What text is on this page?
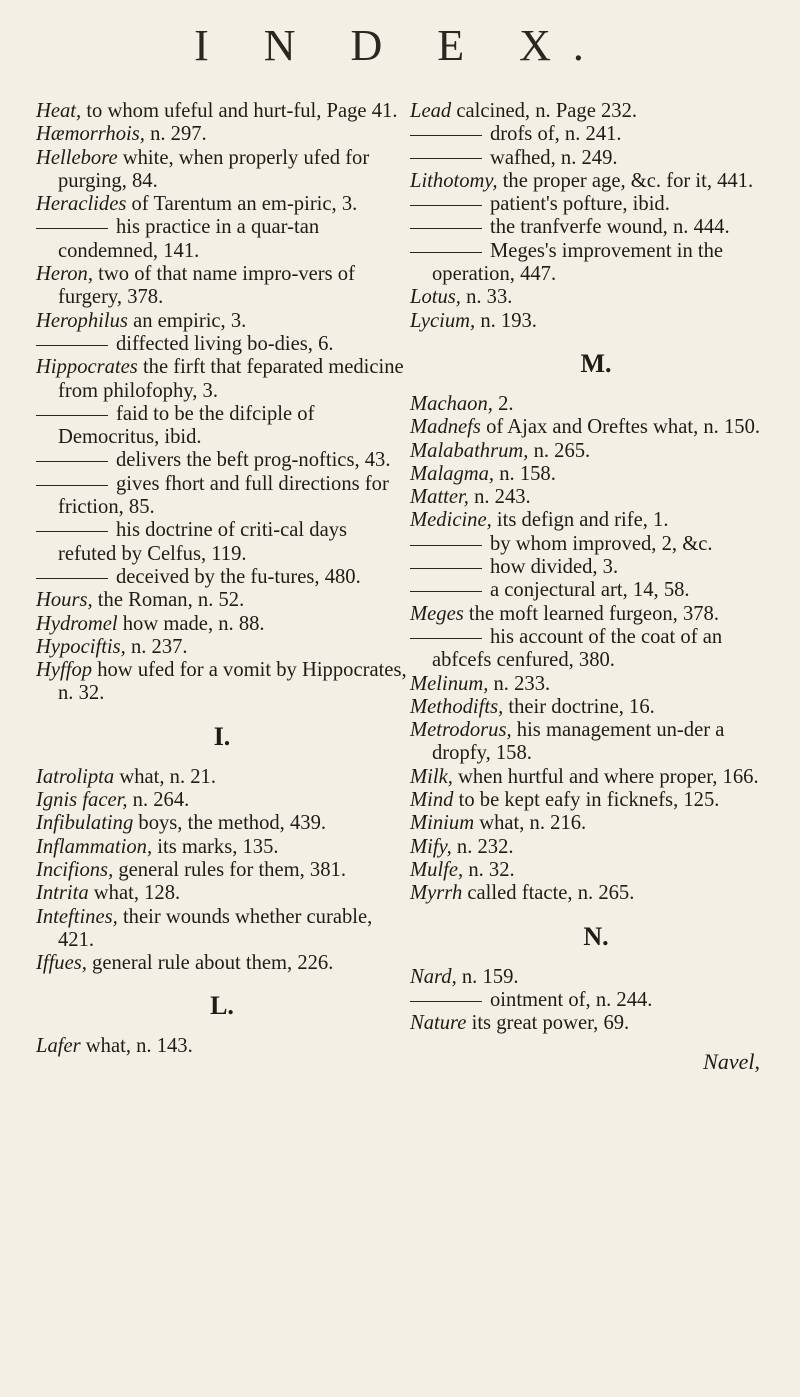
I N D E X.

Heat, to whom ufeful and hurt-ful, Page 41.

Hæmorrhois, n. 297.

Hellebore white, when properly ufed for purging, 84.

Heraclides of Tarentum an em-piric, 3.

his practice in a quar-tan condemned, 141.

Heron, two of that name impro-vers of furgery, 378.

Herophilus an empiric, 3.

diffected living bo-dies, 6.

Hippocrates the firft that feparated medicine from philofophy, 3.

faid to be the difciple of Democritus, ibid.

delivers the beft prog-noftics, 43.

gives fhort and full directions for friction, 85.

his doctrine of criti-cal days refuted by Celfus, 119.

deceived by the fu-tures, 480.

Hours, the Roman, n. 52.

Hydromel how made, n. 88.

Hypociftis, n. 237.

Hyffop how ufed for a vomit by Hippocrates, n. 32.

I.

Iatrolipta what, n. 21.

Ignis facer, n. 264.

Infibulating boys, the method, 439.

Inflammation, its marks, 135.

Incifions, general rules for them, 381.

Intrita what, 128.

Inteftines, their wounds whether curable, 421.

Iffues, general rule about them, 226.

L.

Lafer what, n. 143.

Lead calcined, n. Page 232.

drofs of, n. 241.

wafhed, n. 249.

Lithotomy, the proper age, &c. for it, 441.

patient's pofture, ibid.

the tranfverfe wound, n. 444.

Meges's improvement in the operation, 447.

Lotus, n. 33.

Lycium, n. 193.

M.

Machaon, 2.

Madnefs of Ajax and Oreftes what, n. 150.

Malabathrum, n. 265.

Malagma, n. 158.

Matter, n. 243.

Medicine, its defign and rife, 1.

by whom improved, 2, &c.

how divided, 3.

a conjectural art, 14, 58.

Meges the moft learned furgeon, 378.

his account of the coat of an abfcefs cenfured, 380.

Melinum, n. 233.

Methodifts, their doctrine, 16.

Metrodorus, his management un-der a dropfy, 158.

Milk, when hurtful and where proper, 166.

Mind to be kept eafy in ficknefs, 125.

Minium what, n. 216.

Mify, n. 232.

Mulfe, n. 32.

Myrrh called ftacte, n. 265.

N.

Nard, n. 159.

ointment of, n. 244.

Nature its great power, 69.

Navel,
